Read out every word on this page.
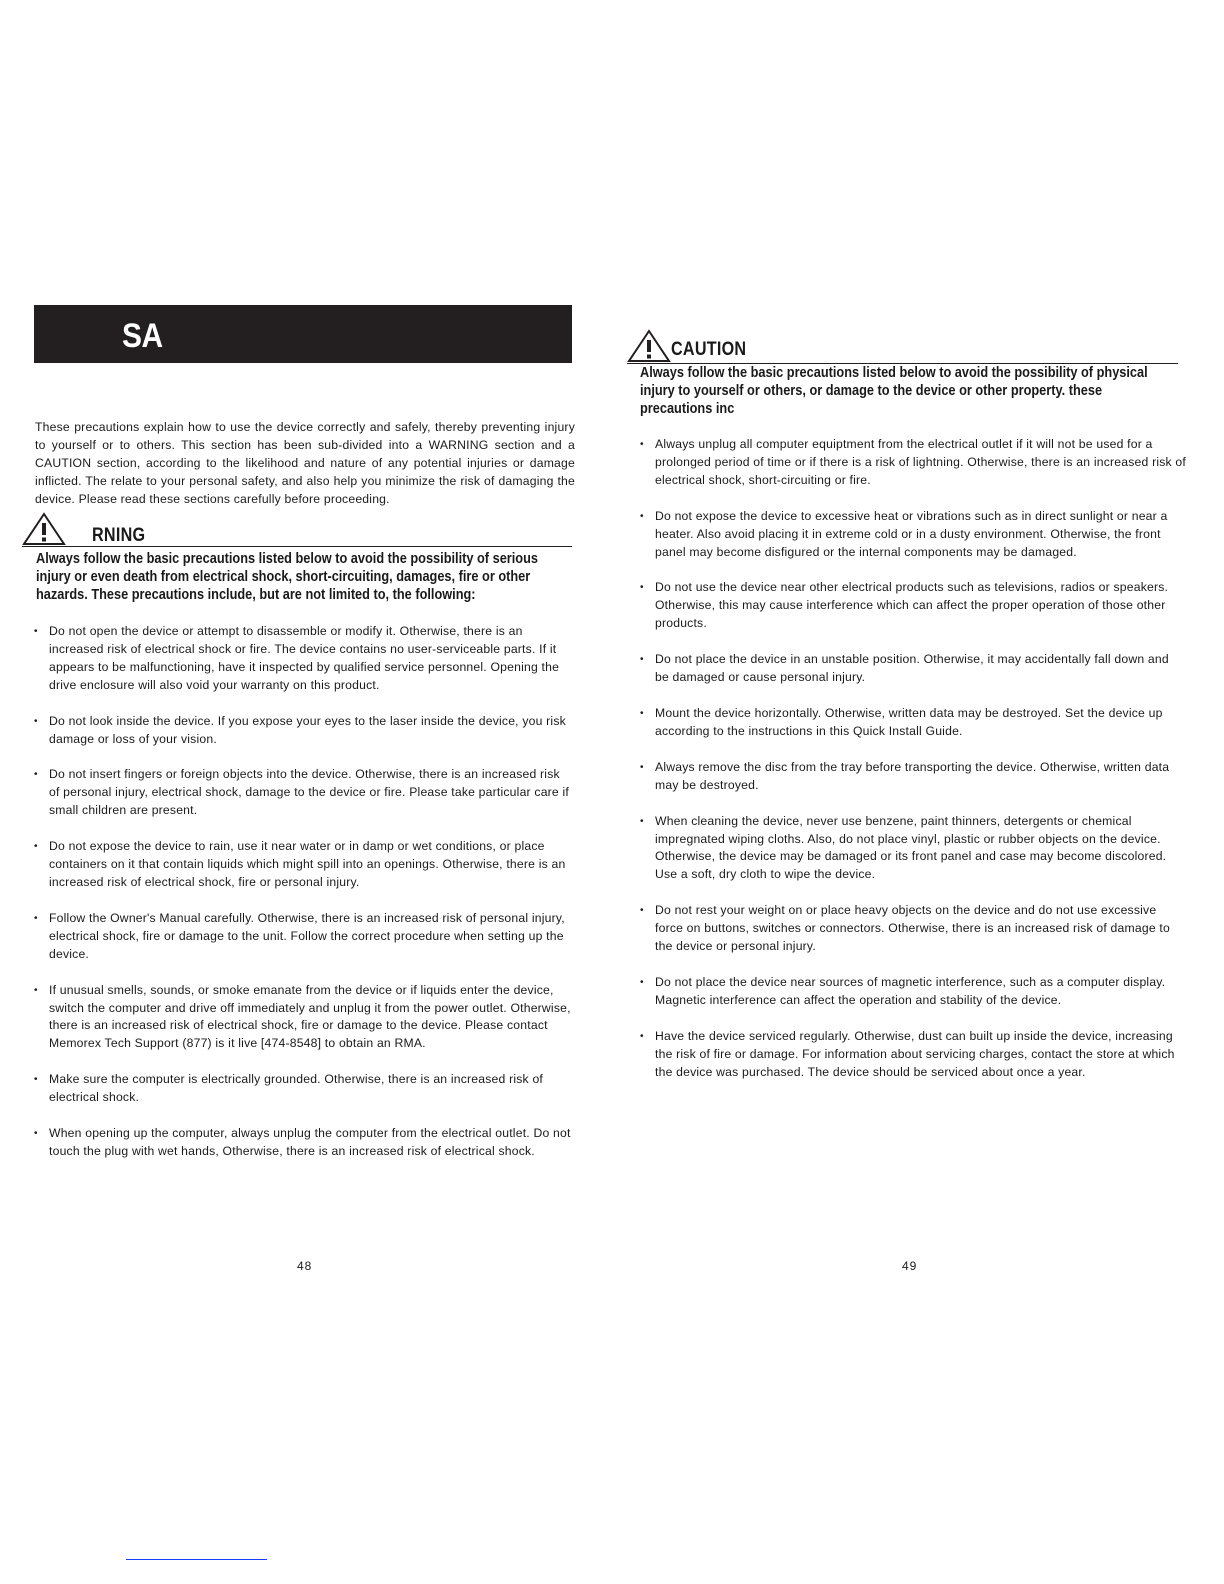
SA

These precautions explain how to use the device correctly and safely, thereby preventing injury to yourself or to others. This section has been sub-divided into a WARNING section and a CAUTION section, according to the likelihood and nature of any potential injuries or damage inflicted. The relate to your personal safety, and also help you minimize the risk of damaging the device. Please read these sections carefully before proceeding.

RNING
Always follow the basic precautions listed below to avoid the possibility of serious injury or even death from electrical shock, short-circuiting, damages, fire or other hazards. These precautions include, but are not limited to, the following:
• Do not open the device or attempt to disassemble or modify it. Otherwise, there is an increased risk of electrical shock or fire. The device contains no user-serviceable parts. If it appears to be malfunctioning, have it inspected by qualified service personnel. Opening the drive enclosure will also void your warranty on this product.
• Do not look inside the device. If you expose your eyes to the laser inside the device, you risk damage or loss of your vision.
• Do not insert fingers or foreign objects into the device. Otherwise, there is an increased risk of personal injury, electrical shock, damage to the device or fire. Please take particular care if small children are present.
• Do not expose the device to rain, use it near water or in damp or wet conditions, or place containers on it that contain liquids which might spill into an openings. Otherwise, there is an increased risk of electrical shock, fire or personal injury.
• Follow the Owner's Manual carefully. Otherwise, there is an increased risk of personal injury, electrical shock, fire or damage to the unit. Follow the correct procedure when setting up the device.
• If unusual smells, sounds, or smoke emanate from the device or if liquids enter the device, switch the computer and drive off immediately and unplug it from the power outlet. Otherwise, there is an increased risk of electrical shock, fire or damage to the device. Please contact Memorex Tech Support (877) is it live [474-8548] to obtain an RMA.
• Make sure the computer is electrically grounded. Otherwise, there is an increased risk of electrical shock.
• When opening up the computer, always unplug the computer from the electrical outlet. Do not touch the plug with wet hands, Otherwise, there is an increased risk of electrical shock.
48
CAUTION
Always follow the basic precautions listed below to avoid the possibility of physical injury to yourself or others, or damage to the device or other property. these precautions inc
• Always unplug all computer equiptment from the electrical outlet if it will not be used for a prolonged period of time or if there is a risk of lightning. Otherwise, there is an increased risk of electrical shock, short-circuiting or fire.
• Do not expose the device to excessive heat or vibrations such as in direct sunlight or near a heater. Also avoid placing it in extreme cold or in a dusty environment. Otherwise, the front panel may become disfigured or the internal components may be damaged.
• Do not use the device near other electrical products such as televisions, radios or speakers. Otherwise, this may cause interference which can affect the proper operation of those other products.
• Do not place the device in an unstable position. Otherwise, it may accidentally fall down and be damaged or cause personal injury.
• Mount the device horizontally. Otherwise, written data may be destroyed. Set the device up according to the instructions in this Quick Install Guide.
• Always remove the disc from the tray before transporting the device. Otherwise, written data may be destroyed.
• When cleaning the device, never use benzene, paint thinners, detergents or chemical impregnated wiping cloths. Also, do not place vinyl, plastic or rubber objects on the device. Otherwise, the device may be damaged or its front panel and case may become discolored. Use a soft, dry cloth to wipe the device.
• Do not rest your weight on or place heavy objects on the device and do not use excessive force on buttons, switches or connectors. Otherwise, there is an increased risk of damage to the device or personal injury.
• Do not place the device near sources of magnetic interference, such as a computer display. Magnetic interference can affect the operation and stability of the device.
• Have the device serviced regularly. Otherwise, dust can built up inside the device, increasing the risk of fire or damage. For information about servicing charges, contact the store at which the device was purchased. The device should be serviced about once a year.
49
